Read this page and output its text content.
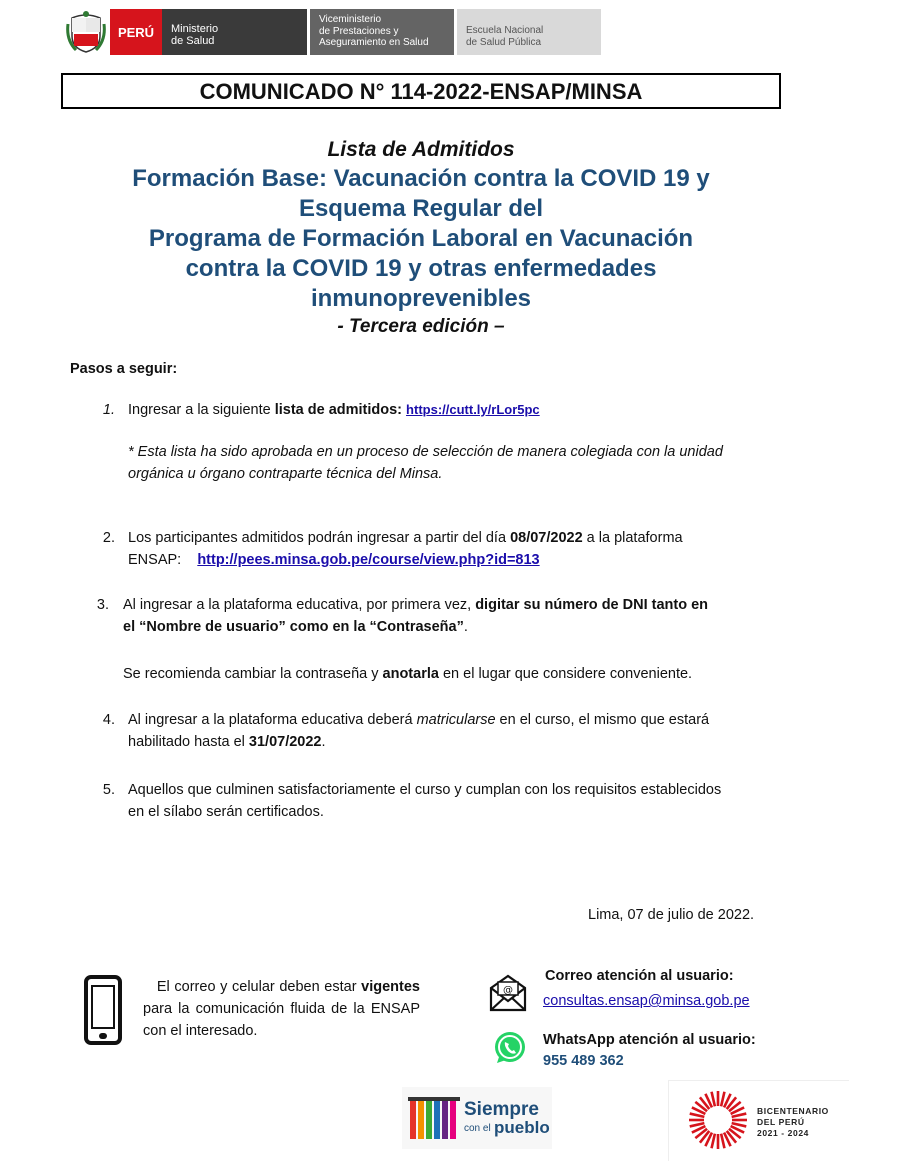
PERÚ Ministerio
de Salud
Viceministerio
de Prestaciones y
Aseguramiento en Salud
Escuela Nacional
de Salud Pública
COMUNICADO N° 114-2022-ENSAP/MINSA
Lista de Admitidos
Formación Base: Vacunación contra la COVID 19 y
Esquema Regular del
Programa de Formación Laboral en Vacunación
contra la COVID 19 y otras enfermedades
inmunoprevenibles
- Tercera edición –
Pasos a seguir:
1. Ingresar a la siguiente lista de admitidos: https://cutt.ly/rLor5pc
* Esta lista ha sido aprobada en un proceso de selección de manera colegiada con la unidad
orgánica u órgano contraparte técnica del Minsa.
2. Los participantes admitidos podrán ingresar a partir del día 08/07/2022 a la plataforma
ENSAP: http://pees.minsa.gob.pe/course/view.php?id=813
3. Al ingresar a la plataforma educativa, por primera vez, digitar su número de DNI tanto en
el “Nombre de usuario” como en la “Contraseña”.
Se recomienda cambiar la contraseña y anotarla en el lugar que considere conveniente.
4. Al ingresar a la plataforma educativa deberá matricularse en el curso, el mismo que estará
habilitado hasta el 31/07/2022.
5. Aquellos que culminen satisfactoriamente el curso y cumplan con los requisitos establecidos
en el sílabo serán certificados.
Lima, 07 de julio de 2022.
El correo y celular deben estar vigentes para la comunicación fluida de la ENSAP con el interesado.
@
Correo atención al usuario:
consultas.ensap@minsa.gob.pe
WhatsApp atención al usuario:
955 489 362
Siempre
con el pueblo
BICENTENARIO
DEL PERÚ
2021 - 2024
